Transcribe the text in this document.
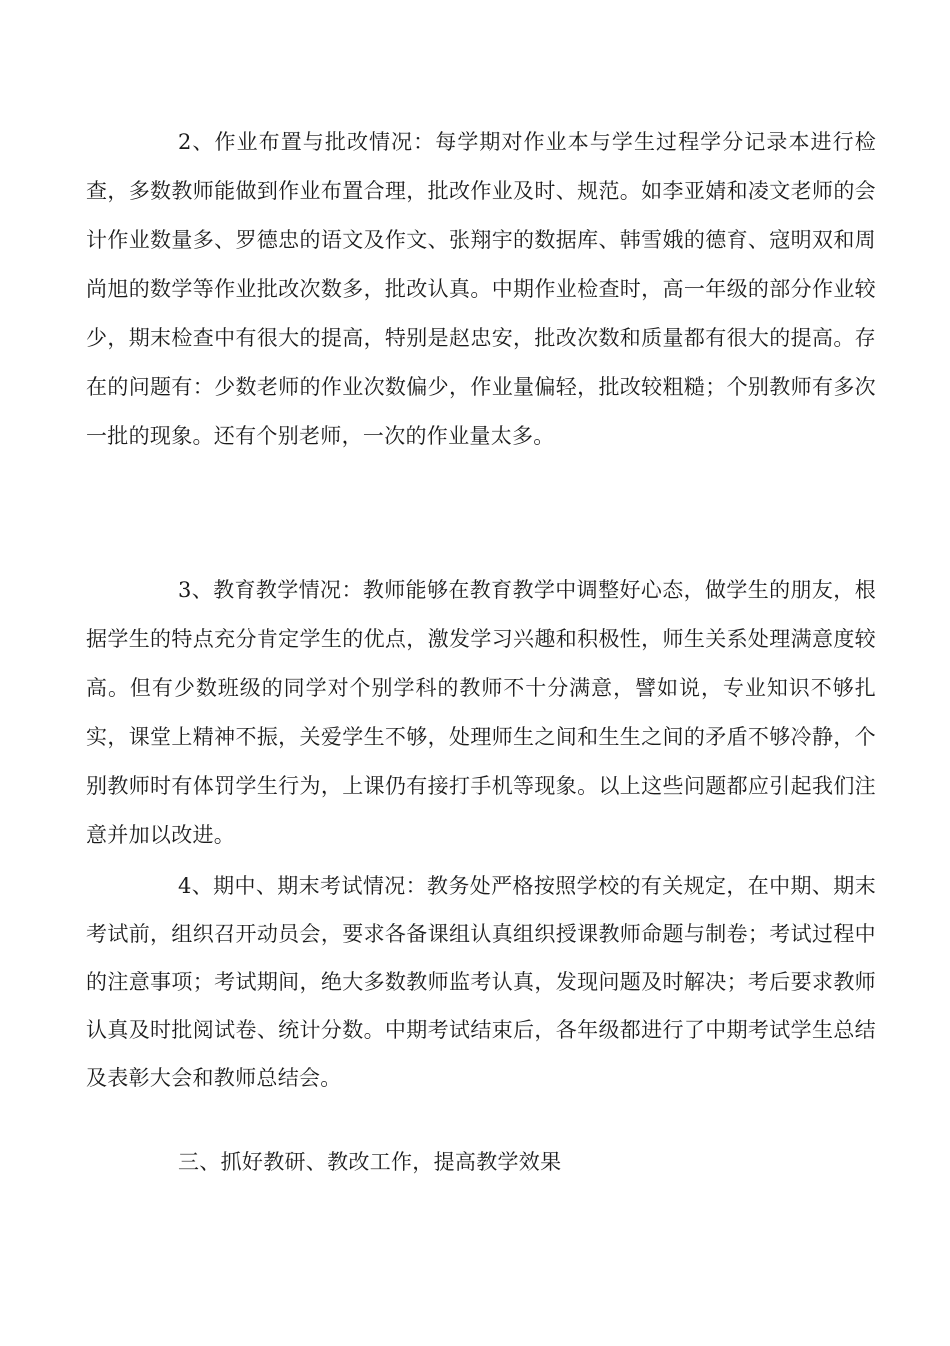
2、作业布置与批改情况：每学期对作业本与学生过程学分记录本进行检查，多数教师能做到作业布置合理，批改作业及时、规范。如李亚婧和凌文老师的会计作业数量多、罗德忠的语文及作文、张翔宇的数据库、韩雪娥的德育、寇明双和周尚旭的数学等作业批改次数多，批改认真。中期作业检查时，高一年级的部分作业较少，期末检查中有很大的提高，特别是赵忠安，批改次数和质量都有很大的提高。存在的问题有：少数老师的作业次数偏少，作业量偏轻，批改较粗糙；个别教师有多次一批的现象。还有个别老师，一次的作业量太多。

3、教育教学情况：教师能够在教育教学中调整好心态，做学生的朋友，根据学生的特点充分肯定学生的优点，激发学习兴趣和积极性，师生关系处理满意度较高。但有少数班级的同学对个别学科的教师不十分满意，譬如说，专业知识不够扎实，课堂上精神不振，关爱学生不够，处理师生之间和生生之间的矛盾不够冷静，个别教师时有体罚学生行为，上课仍有接打手机等现象。以上这些问题都应引起我们注意并加以改进。

4、期中、期末考试情况：教务处严格按照学校的有关规定，在中期、期末考试前，组织召开动员会，要求各备课组认真组织授课教师命题与制卷；考试过程中的注意事项；考试期间，绝大多数教师监考认真，发现问题及时解决；考后要求教师认真及时批阅试卷、统计分数。中期考试结束后，各年级都进行了中期考试学生总结及表彰大会和教师总结会。

三、抓好教研、教改工作，提高教学效果
